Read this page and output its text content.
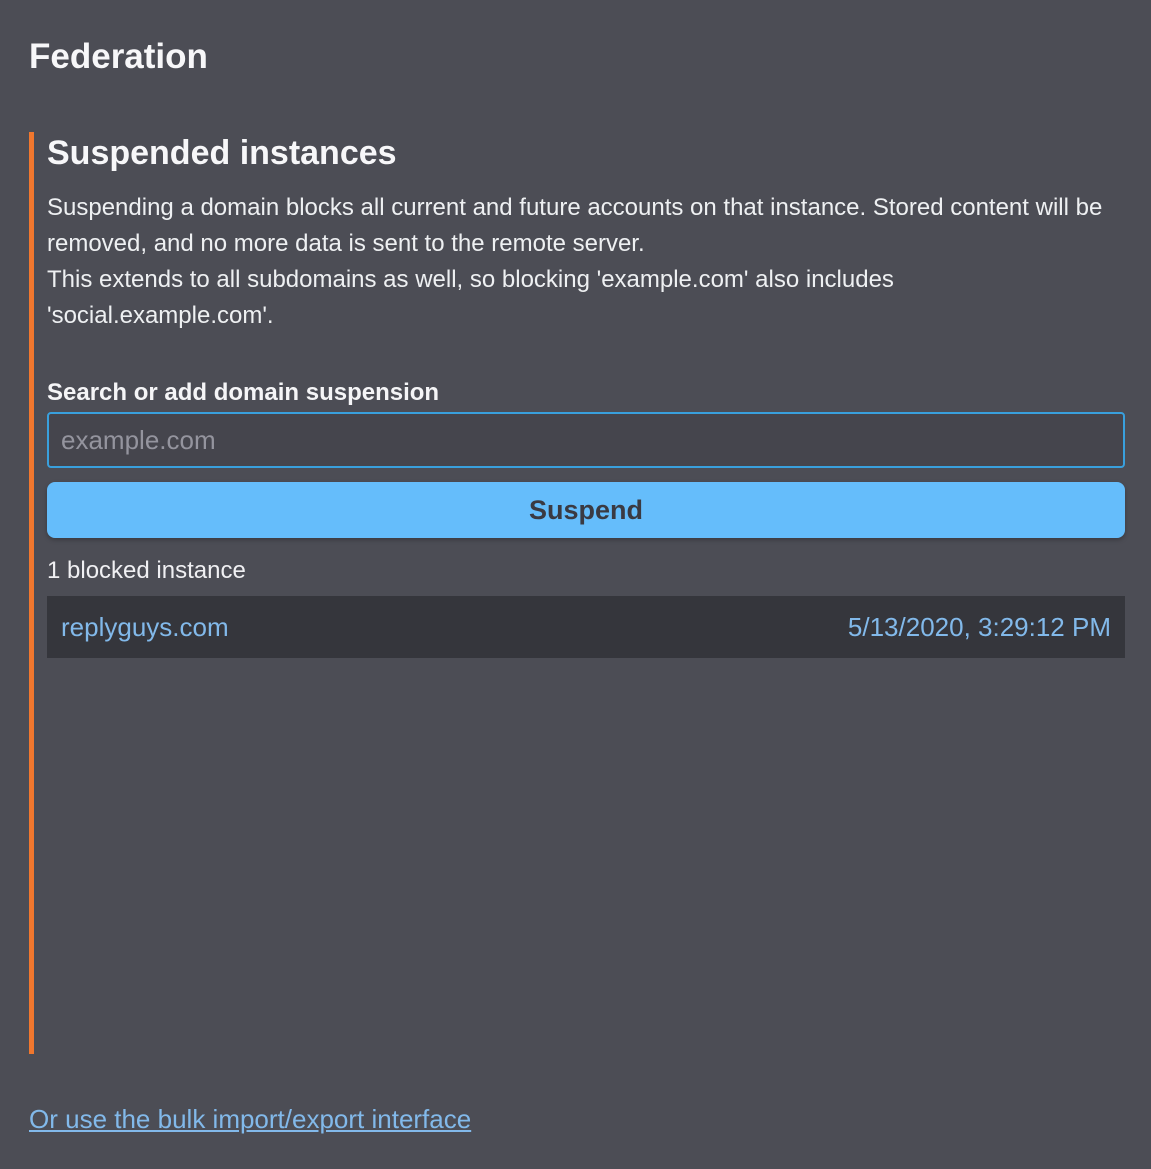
Federation
Suspended instances
Suspending a domain blocks all current and future accounts on that instance. Stored content will be removed, and no more data is sent to the remote server.
This extends to all subdomains as well, so blocking 'example.com' also includes 'social.example.com'.
Search or add domain suspension
example.com
Suspend
1 blocked instance
replyguys.com	5/13/2020, 3:29:12 PM
Or use the bulk import/export interface
